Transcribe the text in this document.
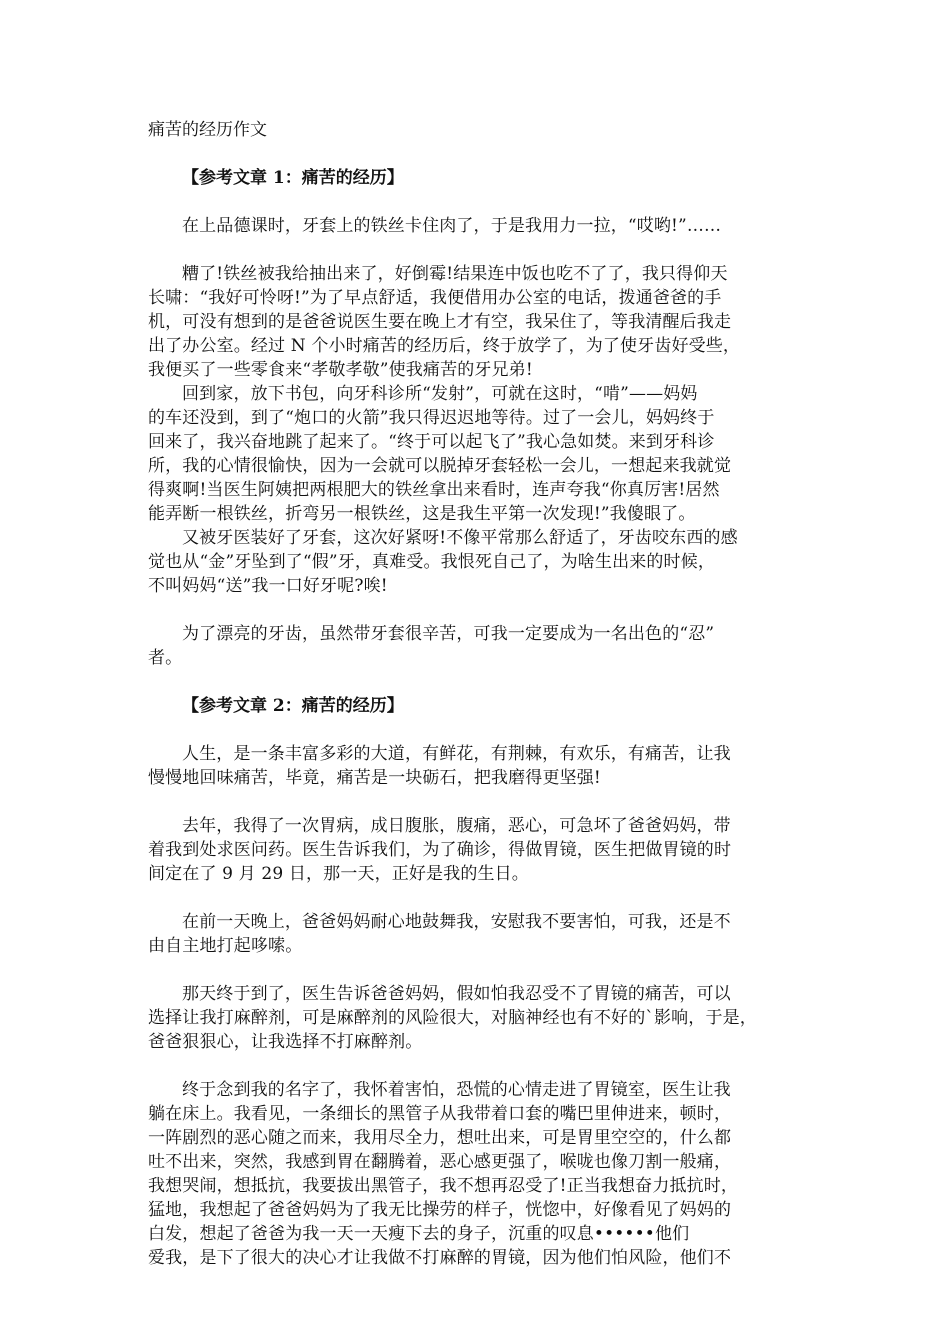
痛苦的经历作文

【参考文章 1：痛苦的经历】

在上品德课时，牙套上的铁丝卡住肉了，于是我用力一拉，“哎哟!”……

糟了!铁丝被我给抽出来了，好倒霉!结果连中饭也吃不了了，我只得仰天
长啸：“我好可怜呀!”为了早点舒适，我便借用办公室的电话，拨通爸爸的手
机，可没有想到的是爸爸说医生要在晚上才有空，我呆住了，等我清醒后我走
出了办公室。经过 N 个小时痛苦的经历后，终于放学了，为了使牙齿好受些，
我便买了一些零食来“孝敬孝敬”使我痛苦的牙兄弟!

回到家，放下书包，向牙科诊所“发射”，可就在这时，“啃”——妈妈
的车还没到，到了“炮口的火箭”我只得迟迟地等待。过了一会儿，妈妈终于
回来了，我兴奋地跳了起来了。“终于可以起飞了”我心急如焚。来到牙科诊
所，我的心情很愉快，因为一会就可以脱掉牙套轻松一会儿，一想起来我就觉
得爽啊!当医生阿姨把两根肥大的铁丝拿出来看时，连声夸我“你真厉害!居然
能弄断一根铁丝，折弯另一根铁丝，这是我生平第一次发现!”我傻眼了。

又被牙医装好了牙套，这次好紧呀!不像平常那么舒适了，牙齿咬东西的感
觉也从“金”牙坠到了“假”牙，真难受。我恨死自己了，为啥生出来的时候，
不叫妈妈“送”我一口好牙呢?唉!

为了漂亮的牙齿，虽然带牙套很辛苦，可我一定要成为一名出色的“忍”
者。

【参考文章 2：痛苦的经历】

人生，是一条丰富多彩的大道，有鲜花，有荆棘，有欢乐，有痛苦，让我
慢慢地回味痛苦，毕竟，痛苦是一块砺石，把我磨得更坚强!

去年，我得了一次胃病，成日腹胀，腹痛，恶心，可急坏了爸爸妈妈，带
着我到处求医问药。医生告诉我们，为了确诊，得做胃镜，医生把做胃镜的时
间定在了 9 月 29 日，那一天，正好是我的生日。

在前一天晚上，爸爸妈妈耐心地鼓舞我，安慰我不要害怕，可我，还是不
由自主地打起哆嗦。

那天终于到了，医生告诉爸爸妈妈，假如怕我忍受不了胃镜的痛苦，可以
选择让我打麻醉剂，可是麻醉剂的风险很大，对脑神经也有不好的`影响，于是，
爸爸狠狠心，让我选择不打麻醉剂。

终于念到我的名字了，我怀着害怕，恐慌的心情走进了胃镜室，医生让我
躺在床上。我看见，一条细长的黑管子从我带着口套的嘴巴里伸进来，顿时，
一阵剧烈的恶心随之而来，我用尽全力，想吐出来，可是胃里空空的，什么都
吐不出来，突然，我感到胃在翻腾着，恶心感更强了，喉咙也像刀割一般痛，
我想哭闹，想抵抗，我要拔出黑管子，我不想再忍受了!正当我想奋力抵抗时，
猛地，我想起了爸爸妈妈为了我无比操劳的样子，恍惚中，好像看见了妈妈的
白发，想起了爸爸为我一天一天瘦下去的身子，沉重的叹息••••••他们
爱我，是下了很大的决心才让我做不打麻醉的胃镜，因为他们怕风险，他们不
